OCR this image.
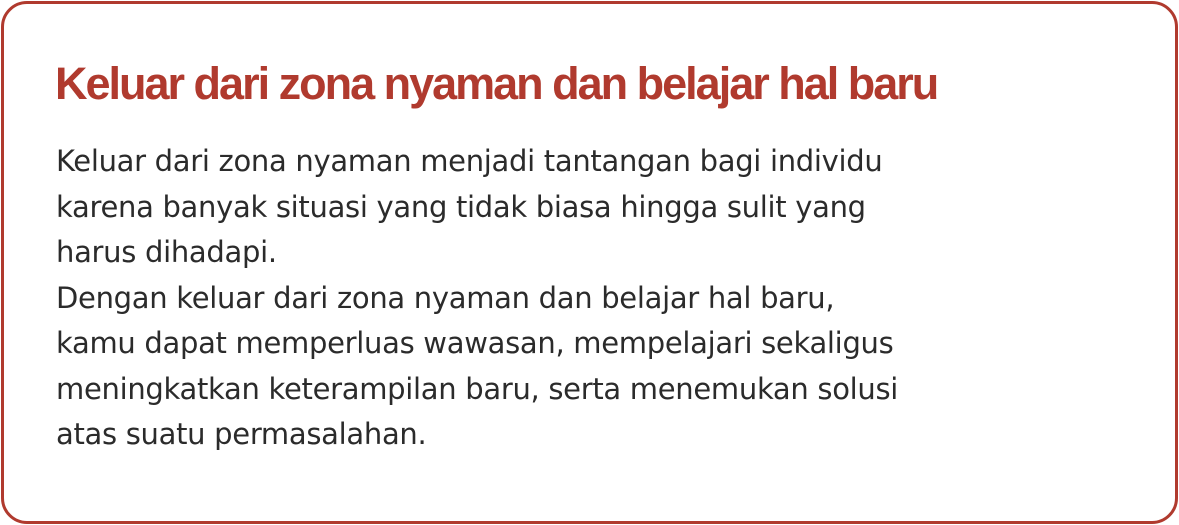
Keluar dari zona nyaman dan belajar hal baru
Keluar dari zona nyaman menjadi tantangan bagi individu
karena banyak situasi yang tidak biasa hingga sulit yang
harus dihadapi.
Dengan keluar dari zona nyaman dan belajar hal baru,
kamu dapat memperluas wawasan, mempelajari sekaligus
meningkatkan keterampilan baru, serta menemukan solusi
atas suatu permasalahan.
